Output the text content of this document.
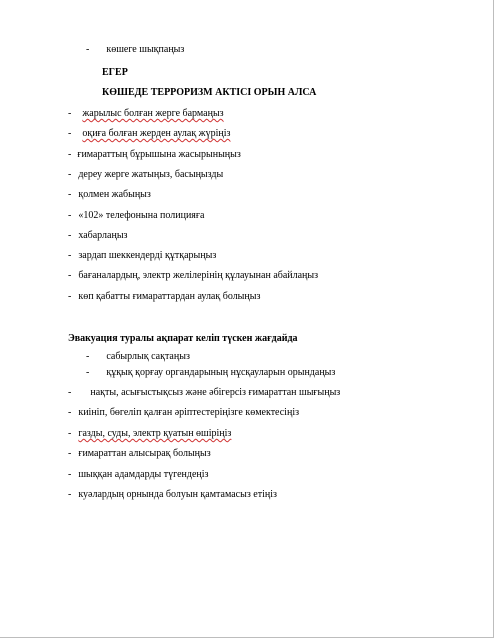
- көшеге шықпаңыз
ЕГЕР
КӨШЕДЕ ТЕРРОРИЗМ АКТІСІ ОРЫН АЛСА
- жарылыс болған жерге бармаңыз
- оқиға болған жерден аулақ жүріңіз
- ғимараттың бұрышына жасырыныңыз
- дереу жерге жатыңыз, басыңызды
- қолмен жабыңыз
- «102» телефонына полицияға
- хабарлаңыз
- зардап шеккендерді құтқарыңыз
- бағаналардың, электр желілерінің құлауынан абайлаңыз
- көп қабатты ғимараттардан аулақ болыңыз
Эвакуация туралы ақпарат келіп түскен жағдайда
- сабырлық сақтаңыз
- құқық қорғау органдарының нұсқауларын орындаңыз
- нақты, асығыстықсыз және әбігерсіз ғимараттан шығыңыз
- киініп, бөгеліп қалған әріптестеріңізге көмектесіңіз
- газды, суды, электр қуатын өшіріңіз
- ғимараттан алысырақ болыңыз
- шыққан адамдарды түгендеңіз
- куәлардың орнында болуын қамтамасыз етіңіз
